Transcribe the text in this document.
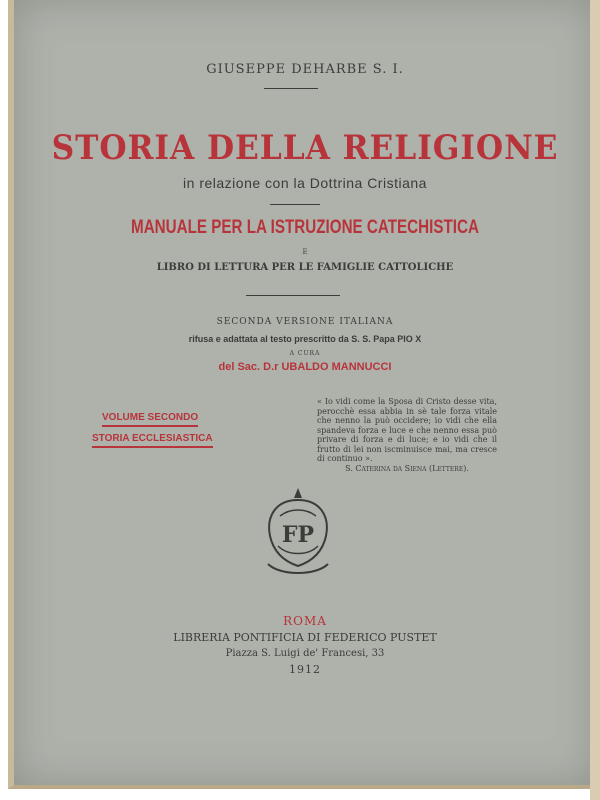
GIUSEPPE DEHARBE S. I.
STORIA DELLA RELIGIONE
in relazione con la Dottrina Cristiana
MANUALE PER LA ISTRUZIONE CATECHISTICA
E
LIBRO DI LETTURA PER LE FAMIGLIE CATTOLICHE
SECONDA VERSIONE ITALIANA
rifusa e adattata al testo prescritto da S. S. Papa PIO X
A CURA
del Sac. D.r UBALDO MANNUCCI
VOLUME SECONDO
STORIA ECCLESIASTICA
« Io vidi come la Sposa di Cristo desse vita, perocchè essa abbia in sè tale forza vitale che nenno la può occidere; io vidi che ella spandeva forza e luce e che nenno essa può privare di forza e di luce; e io vidi che il frutto di lei non iscminuisce mai, ma cresce di continuo ».
S. Caterina da Siena (Lettere).
FP
ROMA
LIBRERIA PONTIFICIA DI FEDERICO PUSTET
Piazza S. Luigi de' Francesi, 33
1912
